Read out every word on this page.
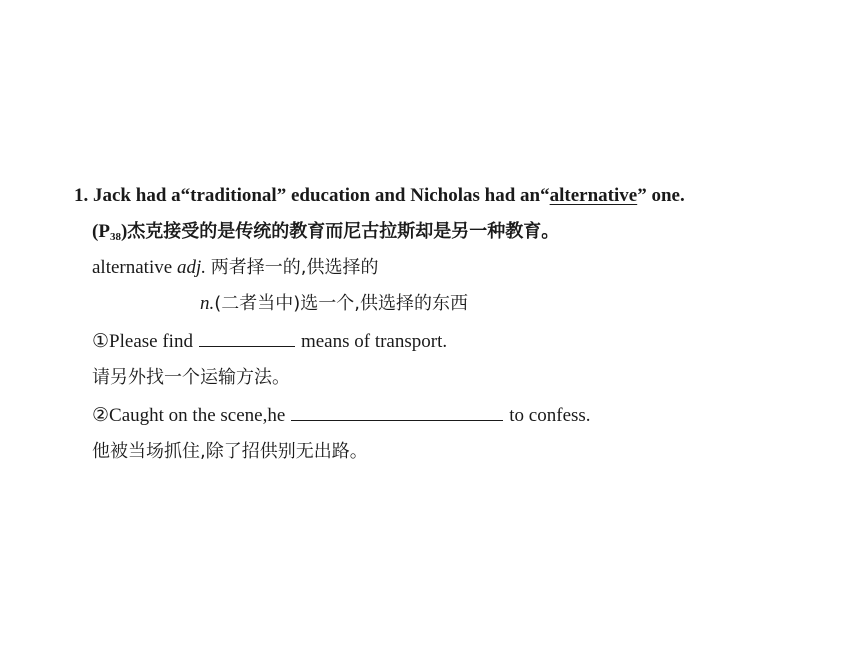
1. Jack had a“traditional” education and Nicholas had an“alternative” one.
$(P_{38})$杰克接受的是传统的教育而尼古拉斯却是另一种教育。
alternative adj. 两者择一的,供选择的
n.(二者当中)选一个,供选择的东西
①Please find	means of transport.
请另外找一个运输方法。
②Caught on the scene,he	to confess.
他被当场抓住,除了招供别无出路。
